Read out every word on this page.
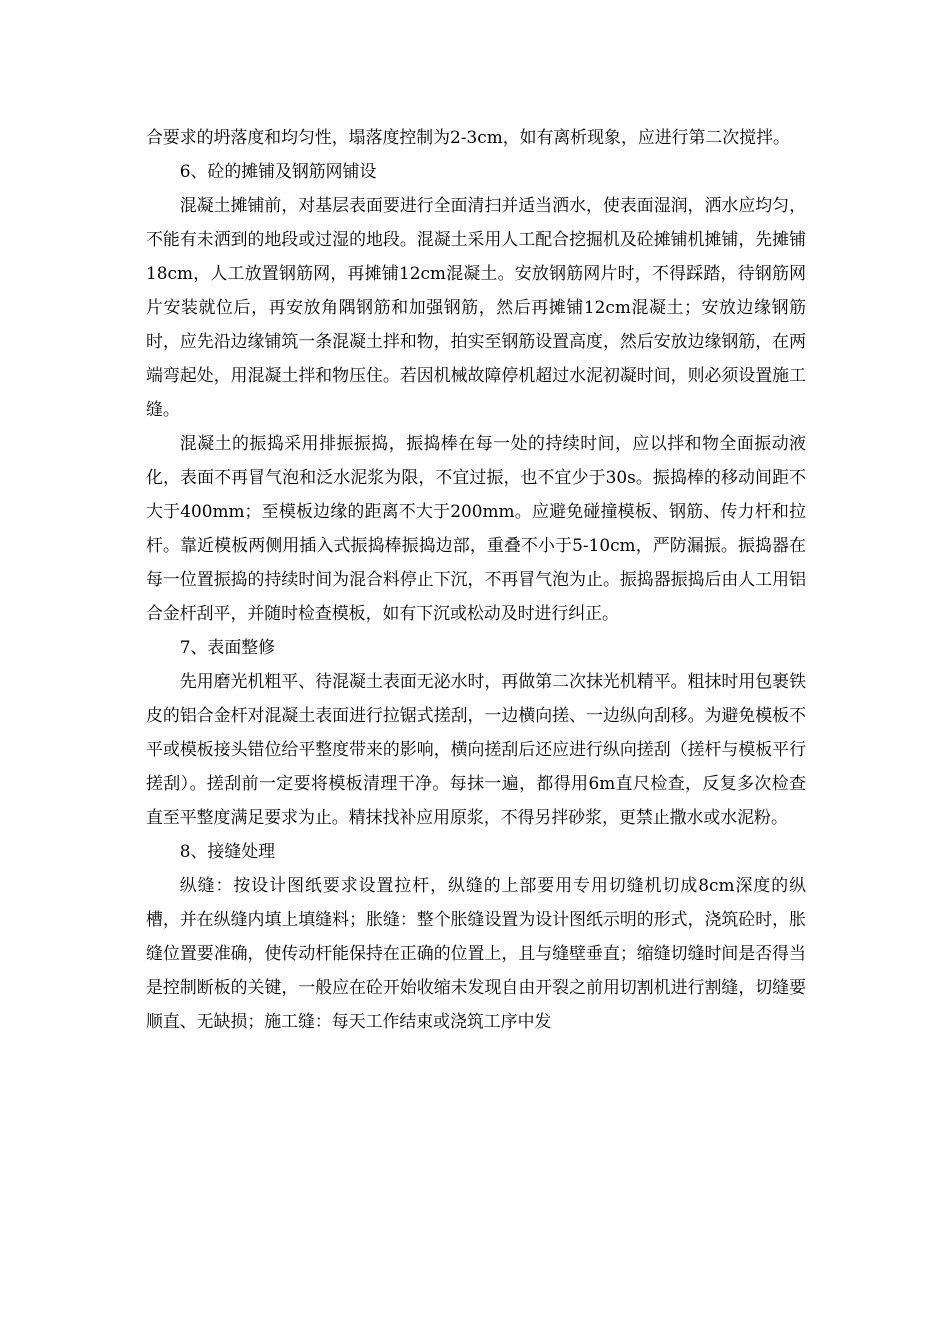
合要求的坍落度和均匀性，塌落度控制为2-3cm，如有离析现象，应进行第二次搅拌。

6、砼的摊铺及钢筋网铺设

混凝土摊铺前，对基层表面要进行全面清扫并适当洒水，使表面湿润，洒水应均匀，不能有未洒到的地段或过湿的地段。混凝土采用人工配合挖掘机及砼摊铺机摊铺，先摊铺18cm，人工放置钢筋网，再摊铺12cm混凝土。安放钢筋网片时，不得踩踏，待钢筋网片安装就位后，再安放角隅钢筋和加强钢筋，然后再摊铺12cm混凝土；安放边缘钢筋时，应先沿边缘铺筑一条混凝土拌和物，拍实至钢筋设置高度，然后安放边缘钢筋，在两端弯起处，用混凝土拌和物压住。若因机械故障停机超过水泥初凝时间，则必须设置施工缝。

混凝土的振捣采用排振振捣，振捣棒在每一处的持续时间，应以拌和物全面振动液化，表面不再冒气泡和泛水泥浆为限，不宜过振，也不宜少于30s。振捣棒的移动间距不大于400mm；至模板边缘的距离不大于200mm。应避免碰撞模板、钢筋、传力杆和拉杆。靠近模板两侧用插入式振捣棒振捣边部，重叠不小于5-10cm，严防漏振。振捣器在每一位置振捣的持续时间为混合料停止下沉，不再冒气泡为止。振捣器振捣后由人工用铝合金杆刮平，并随时检查模板，如有下沉或松动及时进行纠正。

7、表面整修

先用磨光机粗平、待混凝土表面无泌水时，再做第二次抹光机精平。粗抹时用包裹铁皮的铝合金杆对混凝土表面进行拉锯式搓刮，一边横向搓、一边纵向刮移。为避免模板不平或模板接头错位给平整度带来的影响，横向搓刮后还应进行纵向搓刮（搓杆与模板平行搓刮）。搓刮前一定要将模板清理干净。每抹一遍，都得用6m直尺检查，反复多次检查直至平整度满足要求为止。精抹找补应用原浆，不得另拌砂浆，更禁止撒水或水泥粉。

8、接缝处理

纵缝：按设计图纸要求设置拉杆，纵缝的上部要用专用切缝机切成8cm深度的纵槽，并在纵缝内填上填缝料；胀缝：整个胀缝设置为设计图纸示明的形式，浇筑砼时，胀缝位置要准确，使传动杆能保持在正确的位置上，且与缝壁垂直；缩缝切缝时间是否得当是控制断板的关键，一般应在砼开始收缩未发现自由开裂之前用切割机进行割缝，切缝要顺直、无缺损；施工缝：每天工作结束或浇筑工序中发
